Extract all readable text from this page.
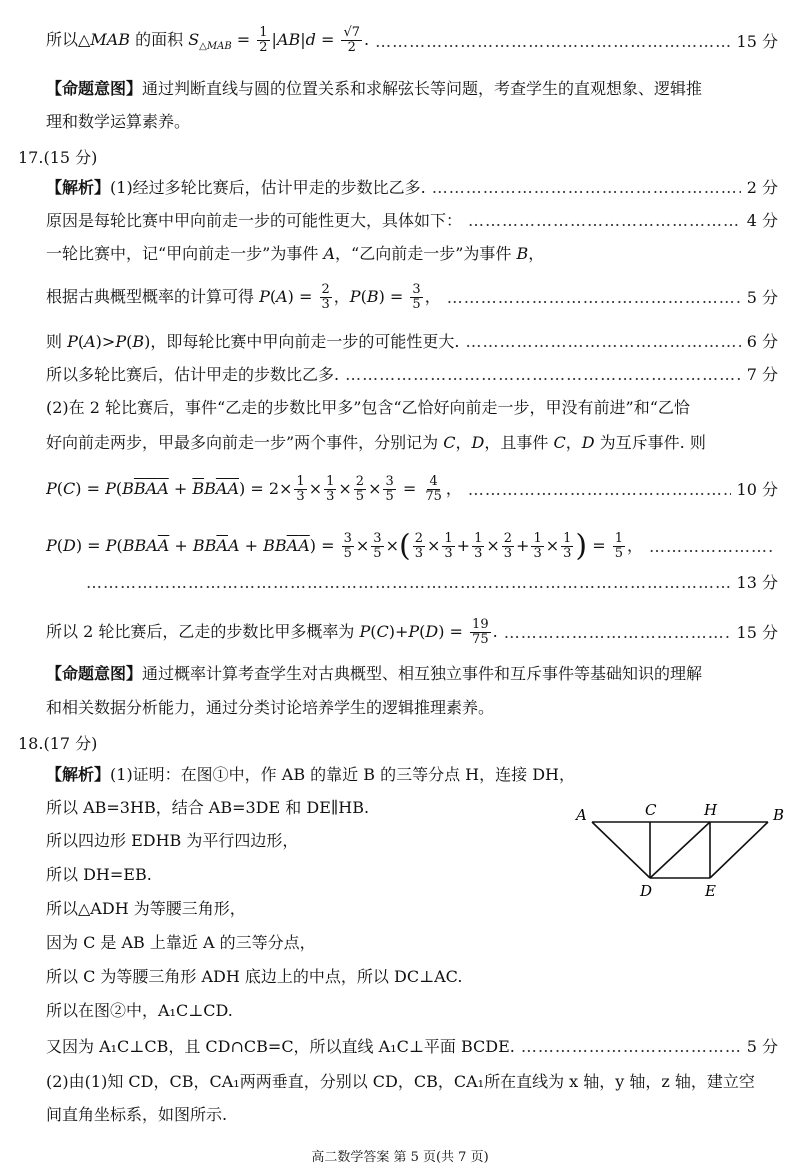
所以△MAB 的面积 $S_{\triangle MAB} = \frac{1}{2} |AB|d = \frac{√7}{2}$ . …………………………………………………………………………………………………………………………………………………………	15 分
【命题意图】通过判断直线与圆的位置关系和求解弦长等问题，考查学生的直观想象、逻辑推
理和数学运算素养。
17.(15 分)
【解析】 (1)经过多轮比赛后，估计甲走的步数比乙多. …………………………………………………………………………………………………………………………………………………………	2 分
原因是每轮比赛中甲向前走一步的可能性更大，具体如下： …………………………………………………………………………………………………………………………………………………………	4 分
一轮比赛中，记“甲向前走一步”为事件 A，“乙向前走一步”为事件 B，
根据古典概型概率的计算可得 $P(A) = \frac{2}{3}$ ，$P(B) = \frac{3}{5}$ ， …………………………………………………………………………………………………………………………………………………………	5 分
则 P(A)>P(B)，即每轮比赛中甲向前走一步的可能性更大. …………………………………………………………………………………………………………………………………………………………	6 分
所以多轮比赛后，估计甲走的步数比乙多. …………………………………………………………………………………………………………………………………………………………	7 分
(2)在 2 轮比赛后，事件“乙走的步数比甲多”包含“乙恰好向前走一步，甲没有前进”和“乙恰
好向前走两步，甲最多向前走一步”两个事件，分别记为 C，D，且事件 C，D 为互斥事件. 则
$P(C) = P(B\overline{B}\overline{A}\overline{A} + \overline{B}B\overline{A}\overline{A}) = 2\times \frac{1}{3} \times \frac{1}{3} \times \frac{2}{5} \times \frac{3}{5} = \frac{4}{75}$ ， …………………………………………………………………………………………………………………………………………………………	10 分
$P(D) = P(BBA\overline{A} + BB\overline{A}A + BB\overline{A}\overline{A}) = \frac{3}{5} \times \frac{3}{5}$ ×( $\frac{2}{3} \times \frac{1}{3} + \frac{1}{3} \times \frac{2}{3} + \frac{1}{3} \times \frac{1}{3}$ ) = $\frac{1}{5}$ ，
…………………………………………………………………………………………………………………………………………………………
…………………………………………………………………………………………………………………………………………………………
13 分
所以 2 轮比赛后，乙走的步数比甲多概率为 $P(C)+P(D) = \frac{19}{75}$ . …………………………………………………………………………………………………………………………………………………………	15 分
【命题意图】通过概率计算考查学生对古典概型、相互独立事件和互斥事件等基础知识的理解
和相关数据分析能力，通过分类讨论培养学生的逻辑推理素养。
18.(17 分)
【解析】(1)证明：在图①中，作 AB 的靠近 B 的三等分点 H，连接 DH，
所以 AB=3HB，结合 AB=3DE 和 DE∥HB.
所以四边形 EDHB 为平行四边形，
所以 DH=EB.
所以△ADH 为等腰三角形，
因为 C 是 AB 上靠近 A 的三等分点，
所以 C 为等腰三角形 ADH 底边上的中点，所以 DC⊥AC.
所以在图②中，A₁C⊥CD.
又因为 A₁C⊥CB，且 CD∩CB=C，所以直线 A₁C⊥平面 BCDE. …………………………………………………………………………………………………………………………………………………………	5 分
(2)由(1)知 CD，CB，CA₁两两垂直，分别以 CD，CB，CA₁所在直线为 x 轴，y 轴，z 轴，建立空
间直角坐标系，如图所示.
A	C	H	B
D	E
高二数学答案 第 5 页(共 7 页)
